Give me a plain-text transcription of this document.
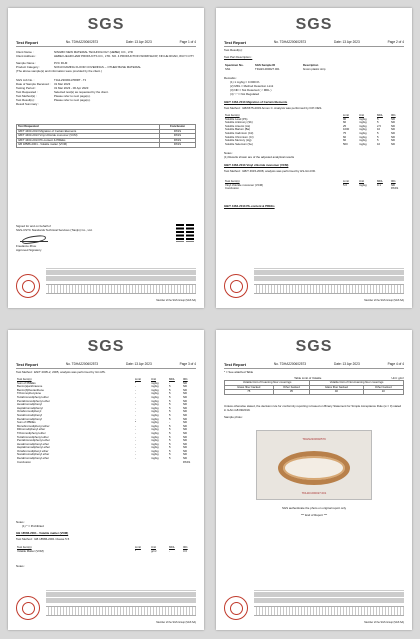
SGS
Test Report	No. TDHA2200602573	Date: 13 Apr 2023	Page 1 of 4
Client Name :	NINGBO NEW MATERIAL TECHNOLOGY (HEBEI) CO., LTD
Client Address :	HEBEI LIEARI HAIR PRODUCTS CO., LTD. NO. 4 PRODUCTION WORKSHOP, XIN HE ROAD, WUYI CITY
Sample Name :	PVC FILM
Product Category :	NON-FOAMING FLOOR COVERINGS -- OTHER BASE MATERIAL
(The above sample(s) and information were provided by the client.)
SGS Job No. :	TJHL2300611768RT - TJ
Date of Sample Received :	31 Mar 2023
Testing Period :	31 Mar 2023 - 06 Apr 2023
Test Requested :	Selected test(s) as requested by the client.
Test Method(s) :	Please refer to next page(s).
Test Result(s) :	Please refer to next page(s).
Result Summary :
Test Requested	Conclusion
GB/T 4463-2013 Migration of Certain Elements	PASS
GB/T 4463-2013 Vinyl chloride monomer (VCM)	PASS
GB/T 4463-2013 Pb-content & PREEs	PASS
GB 18586-2001 - Volatile matter (VOM)	PASS
Signed for and on behalf of
SGS-CSTC Standards Technical Services (Tianjin) Co., Ltd.
Freelance Zhou
Approved Signatory
Member of the SGS Group (SGS SA)
SGS
Test Report	No. TDHA2200602573	Date: 13 Apr 2023	Page 2 of 4
Test Result(s):
Test Part Description :
Specimen No.	SGS Sample ID	Description
SN1	TDH23-000027.001	brown plastic strip
Remarks :
(1) 1 mg/kg = 0.0001%
(2) MDL = Method Detection Limit
(3) ND = Not Detected ( < MDL )
(4) "-" = Not Regulated
GB/T 4463-2013 Migration of Certain Elements
Test Method : GB/6675-2003 Annex C. Analysis was performed by ICP-OES.
Test Item(s)	Limit	Unit	MDL	001
Soluble Lead (Pb)	90	mg/kg	5	ND
Soluble Antimony (Sb)	60	mg/kg	5	ND
Soluble Arsenic (As)	25	mg/kg	2.5	ND
Soluble Barium (Ba)	1000	mg/kg	10	ND
Soluble Cadmium (Cd)	75	mg/kg	5	ND
Soluble Chromium (Cr)	60	mg/kg	5	ND
Soluble Mercury (Hg)	60	mg/kg	5	ND
Soluble Selenium (Se)	500	mg/kg	10	ND
Notes :
(1) Results shown are of the adjusted analytical results
GB/T 4463-2013 Vinyl chloride monomer (VCM)
Test Method : GB/T 4615-2008, analysis was performed by HS-GC-FID.
Test Item(s)	Limit	Unit	MDL	001
Vinyl chloride monomer (VCM)	5.0	mg/kg	0.1	ND
Conclusion				PASS
GB/T 4463-2013 Pb-content & PREEs
Member of the SGS Group (SGS SA)
SGS
Test Report	No. TDHA2200602573	Date: 13 Apr 2023	Page 3 of 4
Test Method : EN/T 2005-2, 2005, analysis was performed by GC-MS.
Test Item(s)	Limit	Unit	MDL	001
Sum of PREEs	*	mg/kg	-	ND
Benzo(a)anthracene	-	mg/kg	5	ND
Benzo(b)fluoranthene	-	mg/kg	5	ND
Tribromophenylene	-	mg/kg	5	ND
Tetrabromodiphenyl ether	-	mg/kg	5	ND
Pentabromodiphenyl ether	-	mg/kg	5	ND
Hexabromodiphenyl	-	mg/kg	5	ND
Heptabromodiphenyl	-	mg/kg	5	ND
Octabromodiphenyl	-	mg/kg	5	ND
Nonabromodiphenyl	-	mg/kg	5	ND
Decabromodiphenyl	-	mg/kg	5	ND
Sum of PBDEs	*	mg/kg	-	ND
Monobromodiphenyl ether	-	mg/kg	5	ND
Dibromodiphenyl ether	-	mg/kg	5	ND
Tribromodiphenyl ether	-	mg/kg	5	ND
Tetrabromodiphenyl ether	-	mg/kg	5	ND
Pentabromodiphenyl ether	-	mg/kg	5	ND
Hexabromodiphenyl ether	-	mg/kg	5	ND
Heptabromodiphenyl ether	-	mg/kg	5	ND
Octabromodiphenyl ether	-	mg/kg	5	ND
Nonabromodiphenyl ether	-	mg/kg	5	ND
Decabromodiphenyl ether	-	mg/kg	5	ND
Conclusion				PASS
Notes :
(1) * = Prohibited
GB 18586-2001 - Volatile matter (VOM)
Test Method : GB 18586-2001 Clause 5.5
Test Item(s)	Limit	Unit	MDL	001
Volatile Matter (VOM)	*	g/m²	-	3.0
Notes :
Member of the SGS Group (SGS SA)
SGS
Test Report	No. TDHA2200602573	Date: 13 Apr 2023	Page 4 of 4
* = See attached Table
Table Limit of Volatile	Unit: g/m²
Volatile limit of Foaming floor coverings		Volatile limit of Non-foaming floor coverings	
Glass fiber backed	Other backed	Glass fiber backed	Other backed
75	35	40	10
Unless otherwise stated, the decision rule for conformity reporting is based on Binary Statement for Simple Acceptance Rule (w = 0) stated in ILAC-G8:09/2019.
Sample photo:
TDHN2200602579
TDH23-000027.001
SGS authenticate the photo on original report only
*** End of Report ***
Member of the SGS Group (SGS SA)
